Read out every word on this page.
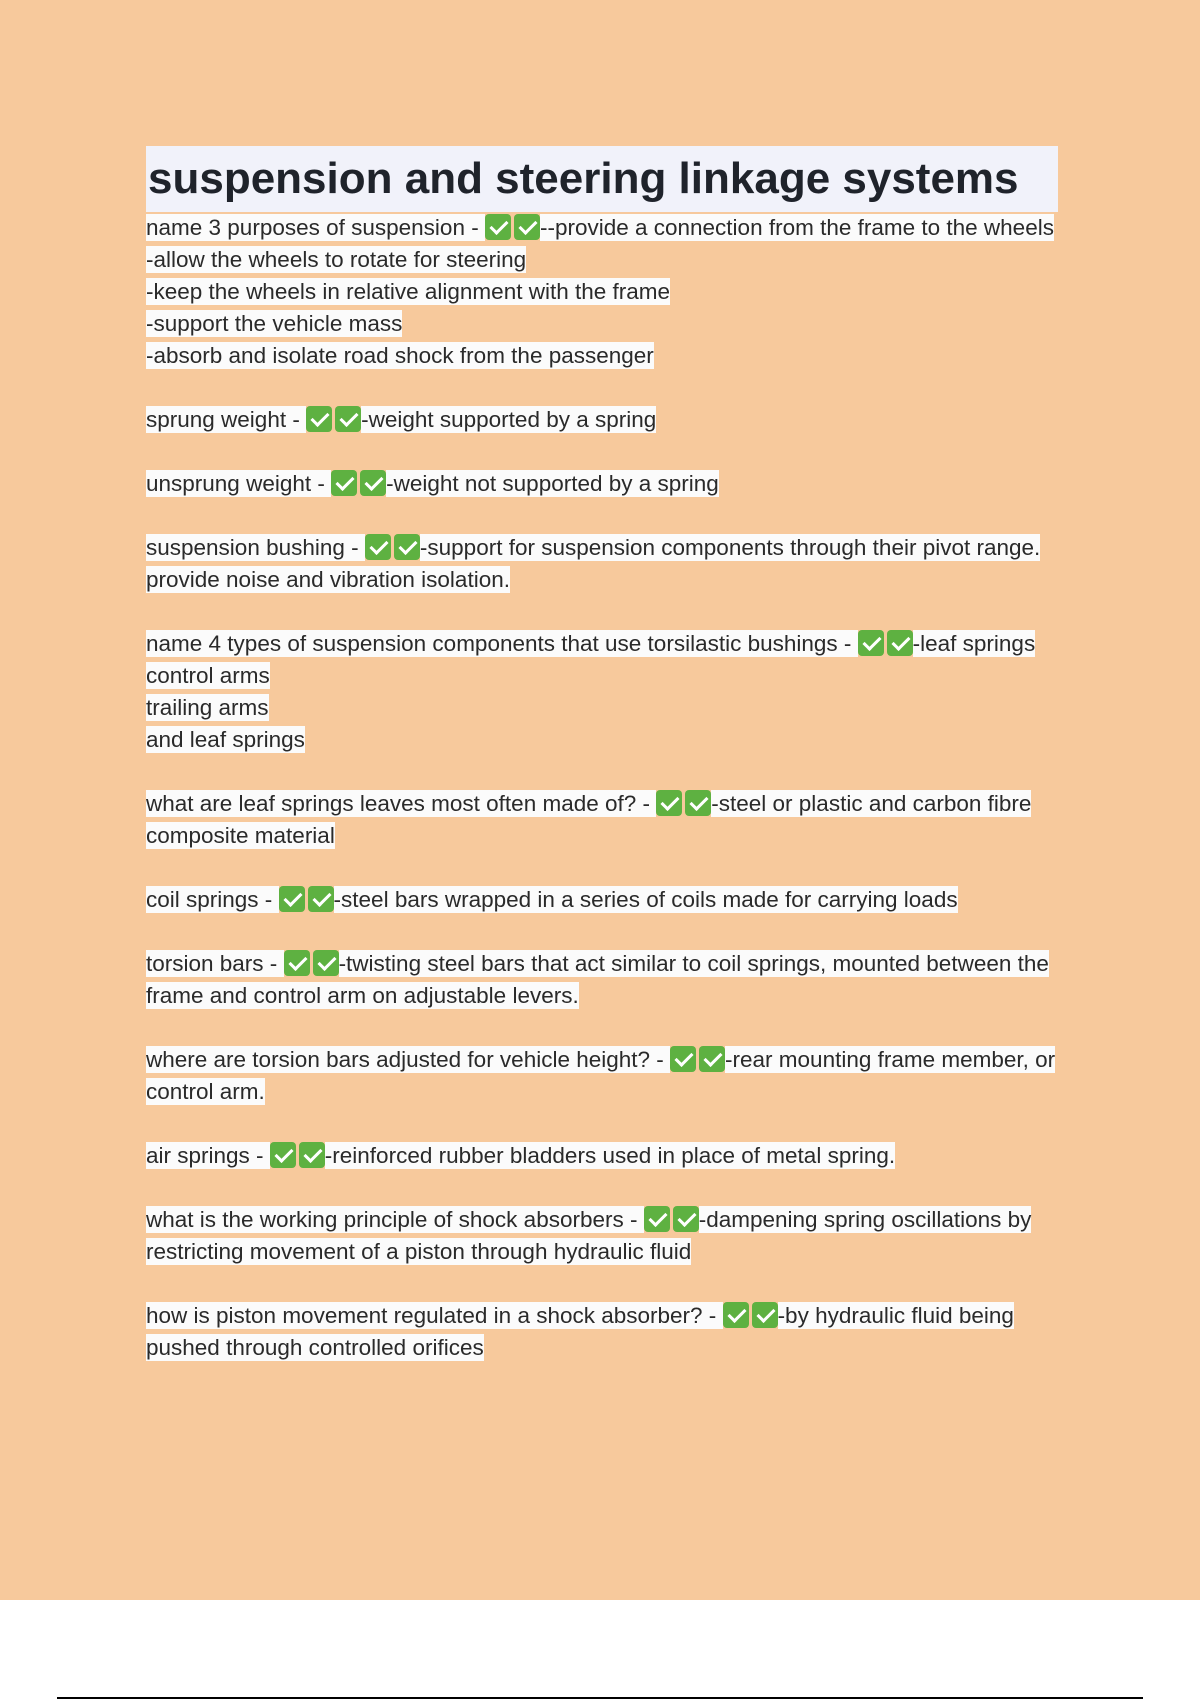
suspension and steering linkage systems

name 3 purposes of suspension - --provide a connection from the frame to the wheels
-allow the wheels to rotate for steering
-keep the wheels in relative alignment with the frame
-support the vehicle mass
-absorb and isolate road shock from the passenger

sprung weight - -weight supported by a spring

unsprung weight - -weight not supported by a spring

suspension bushing - -support for suspension components through their pivot range. provide noise and vibration isolation.

name 4 types of suspension components that use torsilastic bushings - -leaf springs
control arms
trailing arms
and leaf springs

what are leaf springs leaves most often made of? - -steel or plastic and carbon fibre composite material

coil springs - -steel bars wrapped in a series of coils made for carrying loads

torsion bars - -twisting steel bars that act similar to coil springs, mounted between the frame and control arm on adjustable levers.

where are torsion bars adjusted for vehicle height? - -rear mounting frame member, or control arm.

air springs - -reinforced rubber bladders used in place of metal spring.

what is the working principle of shock absorbers - -dampening spring oscillations by restricting movement of a piston through hydraulic fluid

how is piston movement regulated in a shock absorber? - -by hydraulic fluid being pushed through controlled orifices
